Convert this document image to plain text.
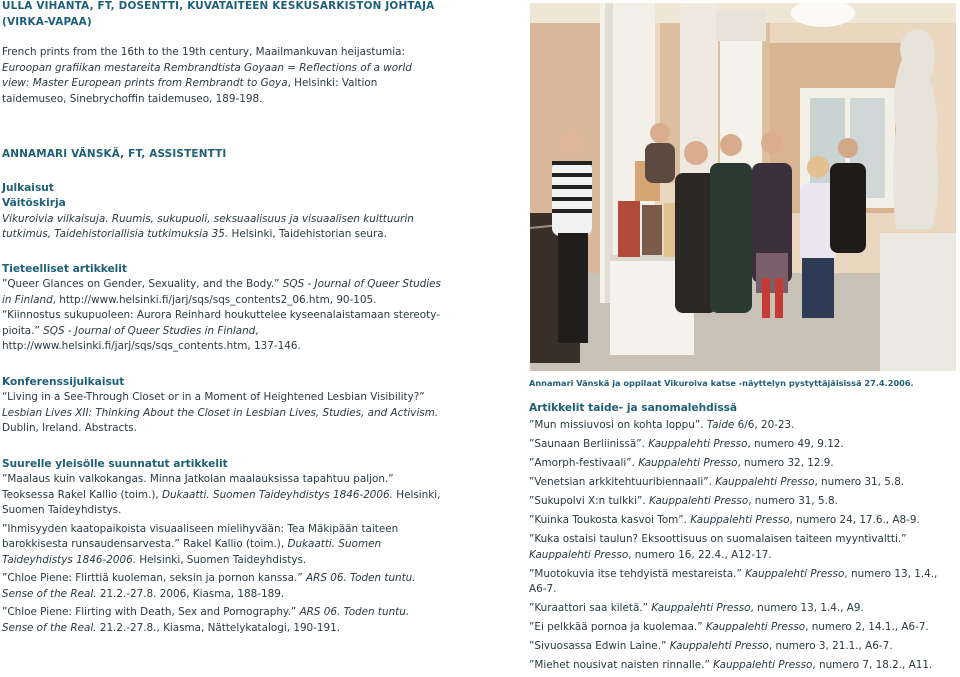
ULLA VIHANTA, FT, DOSENTTI, KUVATAITEEN KESKUSARKISTON JOHTAJA (VIRKA-VAPAA)

French prints from the 16th to the 19th century, Maailmankuvan heijastumia: Euroopan grafiikan mestareita Rembrandtista Goyaan = Reflections of a world view: Master European prints from Rembrandt to Goya, Helsinki: Valtion taidemuseo, Sinebrychoffin taidemuseo, 189-198.

ANNAMARI VÄNSKÄ, FT, ASSISTENTTI

Julkaisut

Väitöskirja

Vikuroivia vilkaisuja. Ruumis, sukupuoli, seksuaalisuus ja visuaalisen kulttuurin tutkimus, Taidehistoriallisia tutkimuksia 35. Helsinki, Taidehistorian seura.

Tieteelliset artikkelit

”Queer Glances on Gender, Sexuality, and the Body.” SQS - Journal of Queer Studies in Finland, http://www.helsinki.fi/jarj/sqs/sqs_contents2_06.htm, 90-105.

“Kiinnostus sukupuoleen: Aurora Reinhard houkuttelee kyseenalaistamaan stereotypioita.” SQS - Journal of Queer Studies in Finland, http://www.helsinki.fi/jarj/sqs/sqs_contents.htm, 137-146.

Konferenssijulkaisut

“Living in a See-Through Closet or in a Moment of Heightened Lesbian Visibility?” Lesbian Lives XII: Thinking About the Closet in Lesbian Lives, Studies, and Activism. Dublin, Ireland. Abstracts.

Suurelle yleisölle suunnatut artikkelit

”Maalaus kuin valkokangas. Minna Jatkolan maalauksissa tapahtuu paljon.” Teoksessa Rakel Kallio (toim.), Dukaatti. Suomen Taideyhdistys 1846-2006. Helsinki, Suomen Taideyhdistys.

”Ihmisyyden kaatopaikoista visuaaliseen mielihyvään: Tea Mäkipään taiteen barokkisesta runsaudensarvesta.” Rakel Kallio (toim.), Dukaatti. Suomen Taideyhdistys 1846-2006. Helsinki, Suomen Taideyhdistys.

”Chloe Piene: Flirttiä kuoleman, seksin ja pornon kanssa.” ARS 06. Toden tuntu. Sense of the Real. 21.2.-27.8. 2006, Kiasma, 188-189.

”Chloe Piene: Flirting with Death, Sex and Pornography.” ARS 06. Toden tuntu. Sense of the Real. 21.2.-27.8., Kiasma, Nättelykatalogi, 190-191.

Annamari Vänskä ja oppilaat Vikuroiva katse -näyttelyn pystyttäjäisissä 27.4.2006.

Artikkelit taide- ja sanomalehdissä

”Mun missiuvosi on kohta loppu”. Taide 6/6, 20-23.

”Saunaan Berliinissä”. Kauppalehti Presso, numero 49, 9.12.

”Amorph-festivaali”. Kauppalehti Presso, numero 32, 12.9.

”Venetsian arkkitehtuuribiennaali”. Kauppalehti Presso, numero 31, 5.8.

”Sukupolvi X:n tulkki”. Kauppalehti Presso, numero 31, 5.8.

”Kuinka Toukosta kasvoi Tom”. Kauppalehti Presso, numero 24, 17.6., A8-9.

”Kuka ostaisi taulun? Eksoottisuus on suomalaisen taiteen myyntivaltti.” Kauppalehti Presso, numero 16, 22.4., A12-17.

”Muotokuvia itse tehdyistä mestareista.” Kauppalehti Presso, numero 13, 1.4., A6-7.

”Kuraattori saa kiletä.” Kauppalehti Presso, numero 13, 1.4., A9.

”Ei pelkkää pornoa ja kuolemaa.” Kauppalehti Presso, numero 2, 14.1., A6-7.

”Sivuosassa Edwin Laine.” Kauppalehti Presso, numero 3, 21.1., A6-7.

”Miehet nousivat naisten rinnalle.” Kauppalehti Presso, numero 7, 18.2., A11.
